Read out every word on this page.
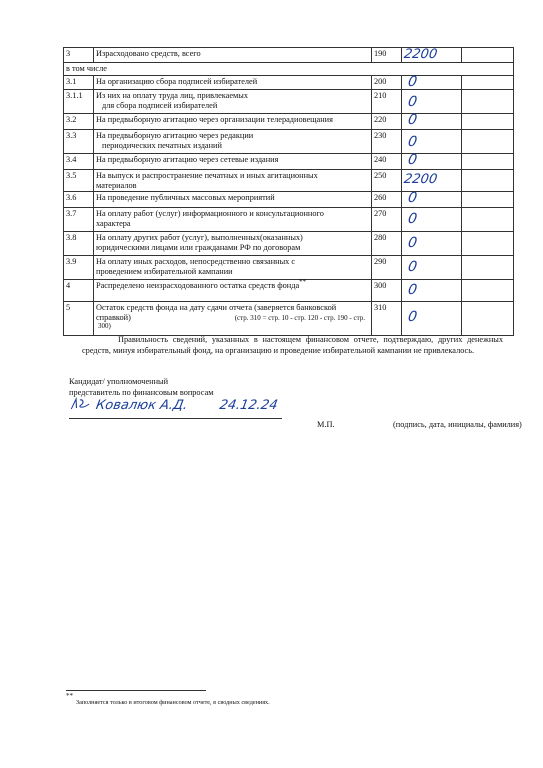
3	Израсходовано средств, всего	190	2200	
в том числе				
3.1	На организацию сбора подписей избирателей	200	0	
3.1.1	Из них на оплату труда лиц, привлекаемых
для сбора подписей избирателей	210	0	
3.2	На предвыборную агитацию через организации телерадиовещания	220	0	
3.3	На предвыборную агитацию через редакции
периодических печатных изданий	230	0	
3.4	На предвыборную агитацию через сетевые издания	240	0	
3.5	На выпуск и распространение печатных и иных агитационных
материалов	250	2200	
3.6	На проведение публичных массовых мероприятий	260	0	
3.7	На оплату работ (услуг) информационного и консультационного
характера	270	0	
3.8	На оплату других работ (услуг), выполненных(оказанных)
юридическими лицами или гражданами РФ по договорам	280	0	
3.9	На оплату иных расходов, непосредственно связанных с
проведением избирательной кампании	290	0	
4	Распределено неизрасходованного остатка средств фонда**	300	0	
5	Остаток средств фонда на дату сдачи отчета (заверяется банковской
справкой) (стр. 310 = стр. 10 - стр. 120 - стр. 190 - стр.
300)	310	0	

Правильность сведений, указанных в настоящем финансовом отчете, подтверждаю, других денежных средств, минуя избирательный фонд, на организацию и проведение избирательной кампании не привлекалось.

Кандидат/ уполномоченный
представитель по финансовым вопросам
Ковалюк А.Д. 24.12.24
М.П.	(подпись, дата, инициалы, фамилия)
**
Заполняется только в итоговом финансовом отчете, в сводных сведениях.
